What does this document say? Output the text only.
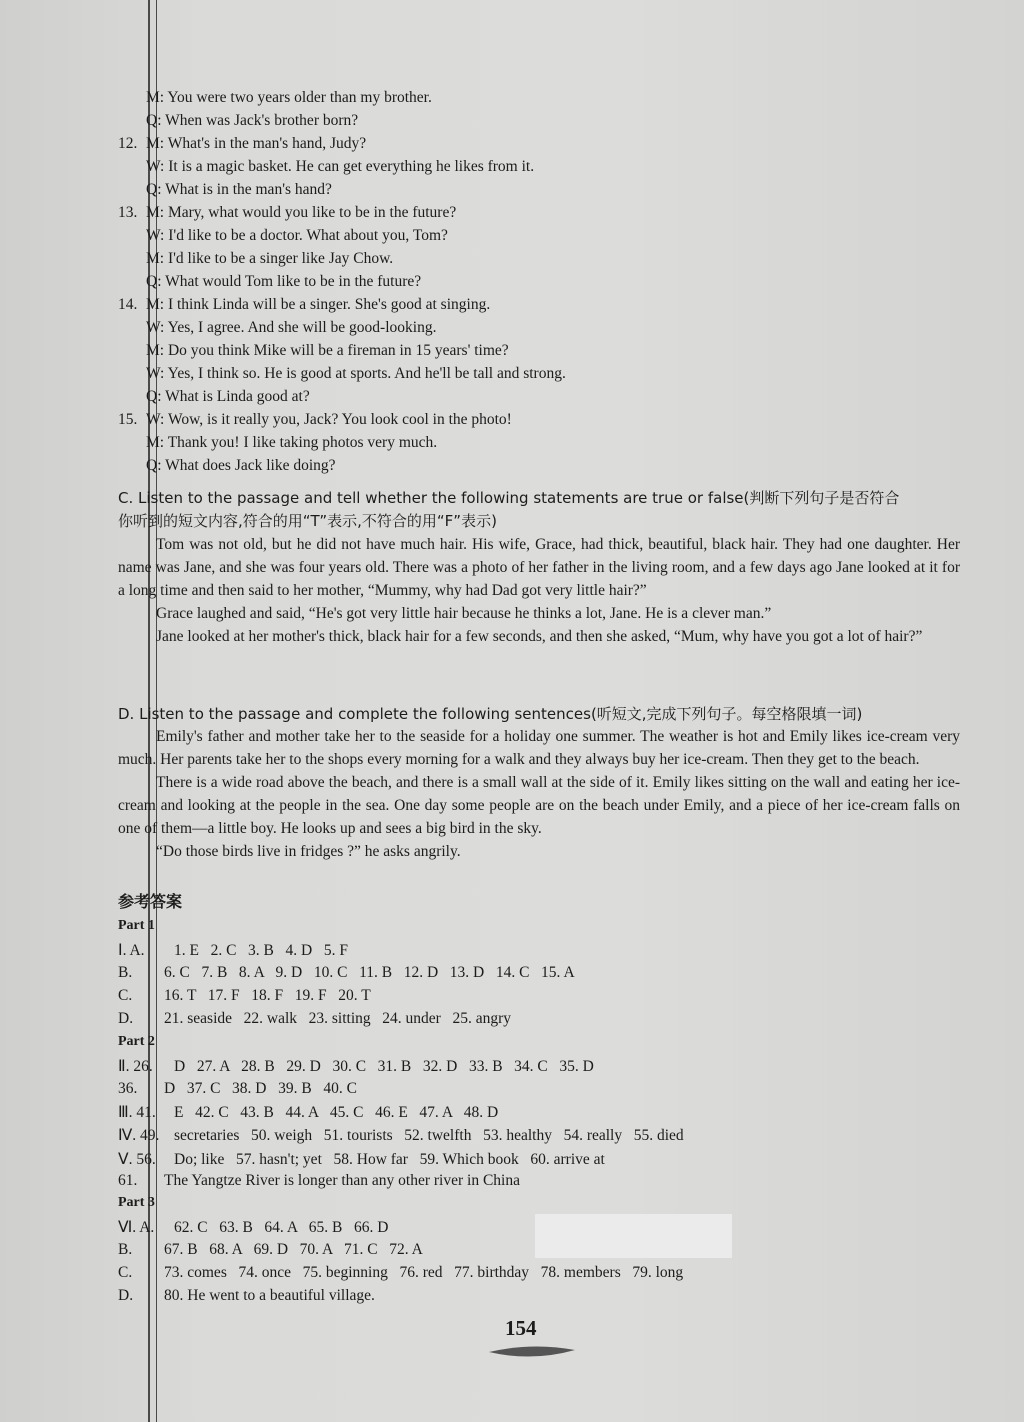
M: You were two years older than my brother.
Q: When was Jack's brother born?
12. M: What's in the man's hand, Judy?
W: It is a magic basket. He can get everything he likes from it.
Q: What is in the man's hand?
13. M: Mary, what would you like to be in the future?
W: I'd like to be a doctor. What about you, Tom?
M: I'd like to be a singer like Jay Chow.
Q: What would Tom like to be in the future?
14. M: I think Linda will be a singer. She's good at singing.
W: Yes, I agree. And she will be good-looking.
M: Do you think Mike will be a fireman in 15 years' time?
W: Yes, I think so. He is good at sports. And he'll be tall and strong.
Q: What is Linda good at?
15. W: Wow, is it really you, Jack? You look cool in the photo!
M: Thank you! I like taking photos very much.
Q: What does Jack like doing?
C. Listen to the passage and tell whether the following statements are true or false(判断下列句子是否符合
你听到的短文内容,符合的用“T”表示,不符合的用“F”表示)

Tom was not old, but he did not have much hair. His wife, Grace, had thick, beautiful, black hair. They had one daughter. Her name was Jane, and she was four years old. There was a photo of her father in the living room, and a few days ago Jane looked at it for a long time and then said to her mother, “Mummy, why had Dad got very little hair?”

Grace laughed and said, “He's got very little hair because he thinks a lot, Jane. He is a clever man.”

Jane looked at her mother's thick, black hair for a few seconds, and then she asked, “Mum, why have you got a lot of hair?”

D. Listen to the passage and complete the following sentences(听短文,完成下列句子。每空格限填一词)

Emily's father and mother take her to the seaside for a holiday one summer. The weather is hot and Emily likes ice-cream very much. Her parents take her to the shops every morning for a walk and they always buy her ice-cream. Then they get to the beach.

There is a wide road above the beach, and there is a small wall at the side of it. Emily likes sitting on the wall and eating her ice-cream and looking at the people in the sea. One day some people are on the beach under Emily, and a piece of her ice-cream falls on one of them—a little boy. He looks up and sees a big bird in the sky.

“Do those birds live in fridges ?” he asks angrily.

参考答案
Part 1
Ⅰ. A. 1. E   2. C   3. B   4. D   5. F
B. 6. C   7. B   8. A   9. D   10. C   11. B   12. D   13. D   14. C   15. A
C. 16. T   17. F   18. F   19. F   20. T
D. 21. seaside   22. walk   23. sitting   24. under   25. angry
Ⅱ. 26. D   27. A   28. B   29. D   30. C   31. B   32. D   33. B   34. C   35. D
36. D   37. C   38. D   39. B   40. C
Ⅲ. 41. E   42. C   43. B   44. A   45. C   46. E   47. A   48. D
Ⅳ. 49. secretaries   50. weigh   51. tourists   52. twelfth   53. healthy   54. really   55. died
Ⅴ. 56. Do; like   57. hasn't; yet   58. How far   59. Which book   60. arrive at
61. The Yangtze River is longer than any other river in China
Ⅵ. A. 62. C   63. B   64. A   65. B   66. D
B. 67. B   68. A   69. D   70. A   71. C   72. A
C. 73. comes   74. once   75. beginning   76. red   77. birthday   78. members   79. long
D. 80. He went to a beautiful village.
Part 2
Part 3
154
